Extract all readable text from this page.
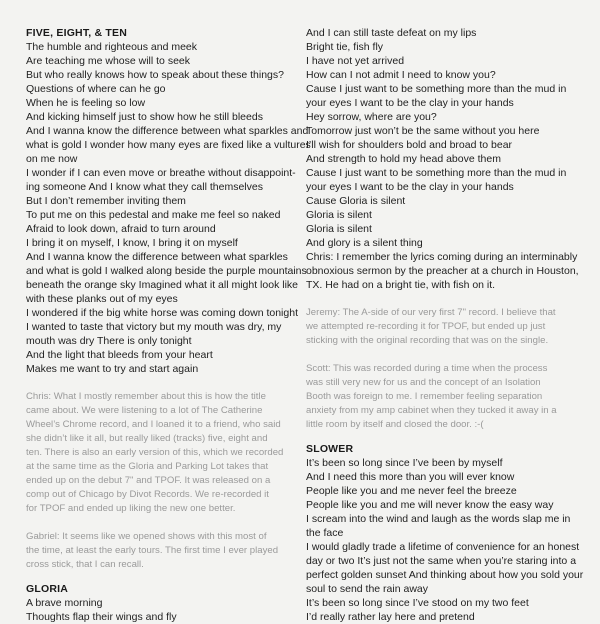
FIVE, EIGHT, & TEN

The humble and righteous and meek

Are teaching me whose will to seek

But who really knows how to speak about these things?

Questions of where can he go

When he is feeling so low

And kicking himself just to show how he still bleeds

And I wanna know the difference between what sparkles and

what is gold I wonder how many eyes are fixed like a vultures

on me now

I wonder if I can even move or breathe without disappoint-

ing someone And I know what they call themselves

But I don’t remember inviting them

To put me on this pedestal and make me feel so naked

Afraid to look down, afraid to turn around

I bring it on myself, I know, I bring it on myself

And I wanna know the difference between what sparkles

and what is gold I walked along beside the purple mountains

beneath the orange sky Imagined what it all might look like

with these planks out of my eyes

I wondered if the big white horse was coming down tonight

I wanted to taste that victory but my mouth was dry, my

mouth was dry There is only tonight

And the light that bleeds from your heart

Makes me want to try and start again

Chris: What I mostly remember about this is how the title

came about. We were listening to a lot of The Catherine

Wheel’s Chrome record, and I loaned it to a friend, who said

she didn’t like it all, but really liked (tracks) five, eight and

ten. There is also an early version of this, which we recorded

at the same time as the Gloria and Parking Lot takes that

ended up on the debut 7" and TPOF. It was released on a

comp out of Chicago by Divot Records. We re-recorded it

for TPOF and ended up liking the new one better.

Gabriel: It seems like we opened shows with this most of

the time, at least the early tours. The first time I ever played

cross stick, that I can recall.

GLORIA

A brave morning

Thoughts flap their wings and fly

And I can still taste defeat on my lips

Bright tie, fish fly

I have not yet arrived

How can I not admit I need to know you?

Cause I just want to be something more than the mud in

your eyes I want to be the clay in your hands

Hey sorrow, where are you?

Tomorrow just won’t be the same without you here

I’ll wish for shoulders bold and broad to bear

And strength to hold my head above them

Cause I just want to be something more than the mud in

your eyes I want to be the clay in your hands

Cause Gloria is silent

Gloria is silent

Gloria is silent

And glory is a silent thing

Chris: I remember the lyrics coming during an interminably

obnoxious sermon by the preacher at a church in Houston,

TX. He had on a bright tie, with fish on it.

Jeremy: The A-side of our very first 7" record. I believe that

we attempted re-recording it for TPOF, but ended up just

sticking with the original recording that was on the single.

Scott: This was recorded during a time when the process

was still very new for us and the concept of an Isolation

Booth was foreign to me. I remember feeling separation

anxiety from my amp cabinet when they tucked it away in a

little room by itself and closed the door. :-(

SLOWER

It’s been so long since I’ve been by myself

And I need this more than you will ever know

People like you and me never feel the breeze

People like you and me will never know the easy way

I scream into the wind and laugh as the words slap me in

the face

I would gladly trade a lifetime of convenience for an honest

day or two It’s just not the same when you’re staring into a

perfect golden sunset And thinking about how you sold your

soul to send the rain away

It’s been so long since I’ve stood on my two feet

I’d really rather lay here and pretend
